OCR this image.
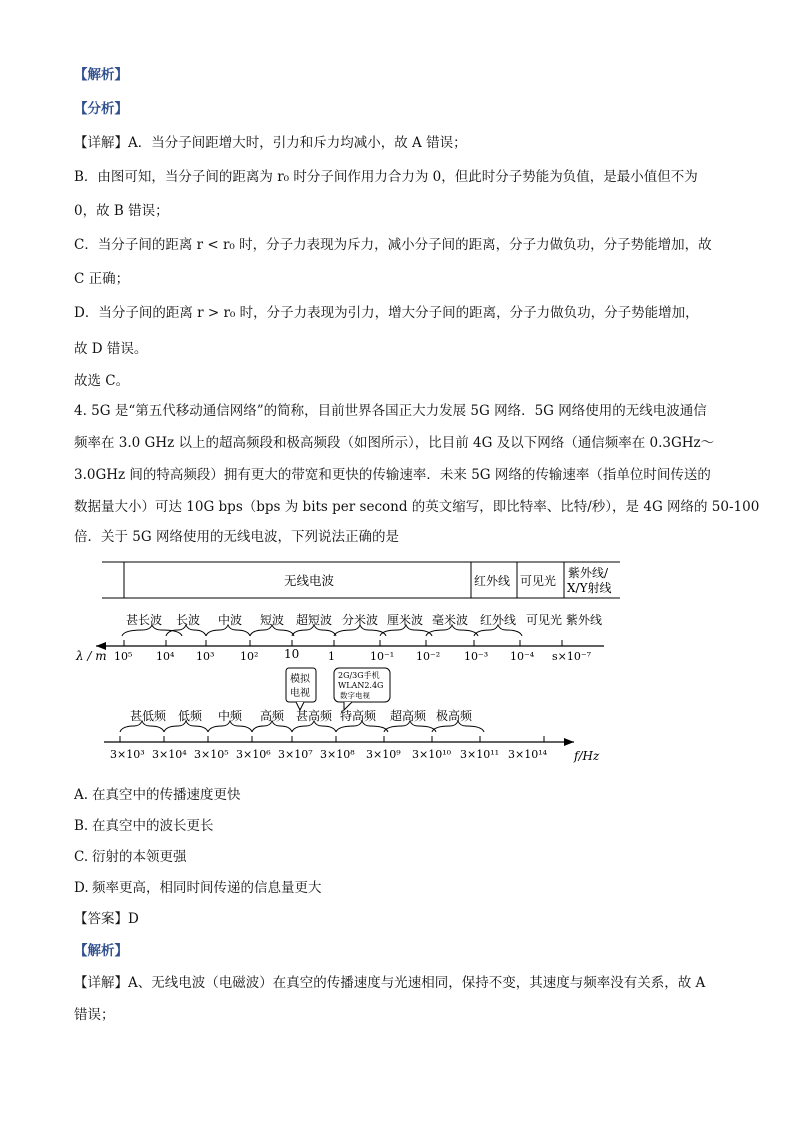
【解析】
【分析】
【详解】A．当分子间距增大时，引力和斥力均减小，故 A 错误；
B．由图可知，当分子间的距离为 r₀ 时分子间作用力合力为 0，但此时分子势能为负值，是最小值但不为
0，故 B 错误；
C．当分子间的距离 r < r₀ 时，分子力表现为斥力，减小分子间的距离，分子力做负功，分子势能增加，故
C 正确；
D．当分子间的距离 r > r₀ 时，分子力表现为引力，增大分子间的距离，分子力做负功，分子势能增加，
故 D 错误。
故选 C。
4. 5G 是“第五代移动通信网络”的简称，目前世界各国正大力发展 5G 网络．5G 网络使用的无线电波通信
频率在 3.0 GHz 以上的超高频段和极高频段（如图所示），比目前 4G 及以下网络（通信频率在 0.3GHz～
3.0GHz 间的特高频段）拥有更大的带宽和更快的传输速率．未来 5G 网络的传输速率（指单位时间传送的
数据量大小）可达 10G bps（bps 为 bits per second 的英文缩写，即比特率、比特/秒），是 4G 网络的 50-100
倍．关于 5G 网络使用的无线电波，下列说法正确的是
无线电波	红外线 可见光
紫外线/
X/Y射线
甚长波 长波 中波 短波 超短波 分米波 厘米波 毫米波 红外线 可见光 紫外线
λ / m 10⁵ 10⁴ 10³ 10² 10	1	10⁻¹ 10⁻² 10⁻³ 10⁻⁴ s×10⁻⁷
模拟
电视
2G/3G手机
WLAN2.4G
数字电视
甚低频 低频 中频 高频 甚高频 特高频 超高频 极高频
3×10³ 3×10⁴ 3×10⁵ 3×10⁶ 3×10⁷ 3×10⁸ 3×10⁹ 3×10¹⁰ 3×10¹¹ 3×10¹⁴ f/Hz
A. 在真空中的传播速度更快
B. 在真空中的波长更长
C. 衍射的本领更强
D. 频率更高，相同时间传递的信息量更大
【答案】D
【解析】
【详解】A、无线电波（电磁波）在真空的传播速度与光速相同，保持不变，其速度与频率没有关系，故 A
错误；
